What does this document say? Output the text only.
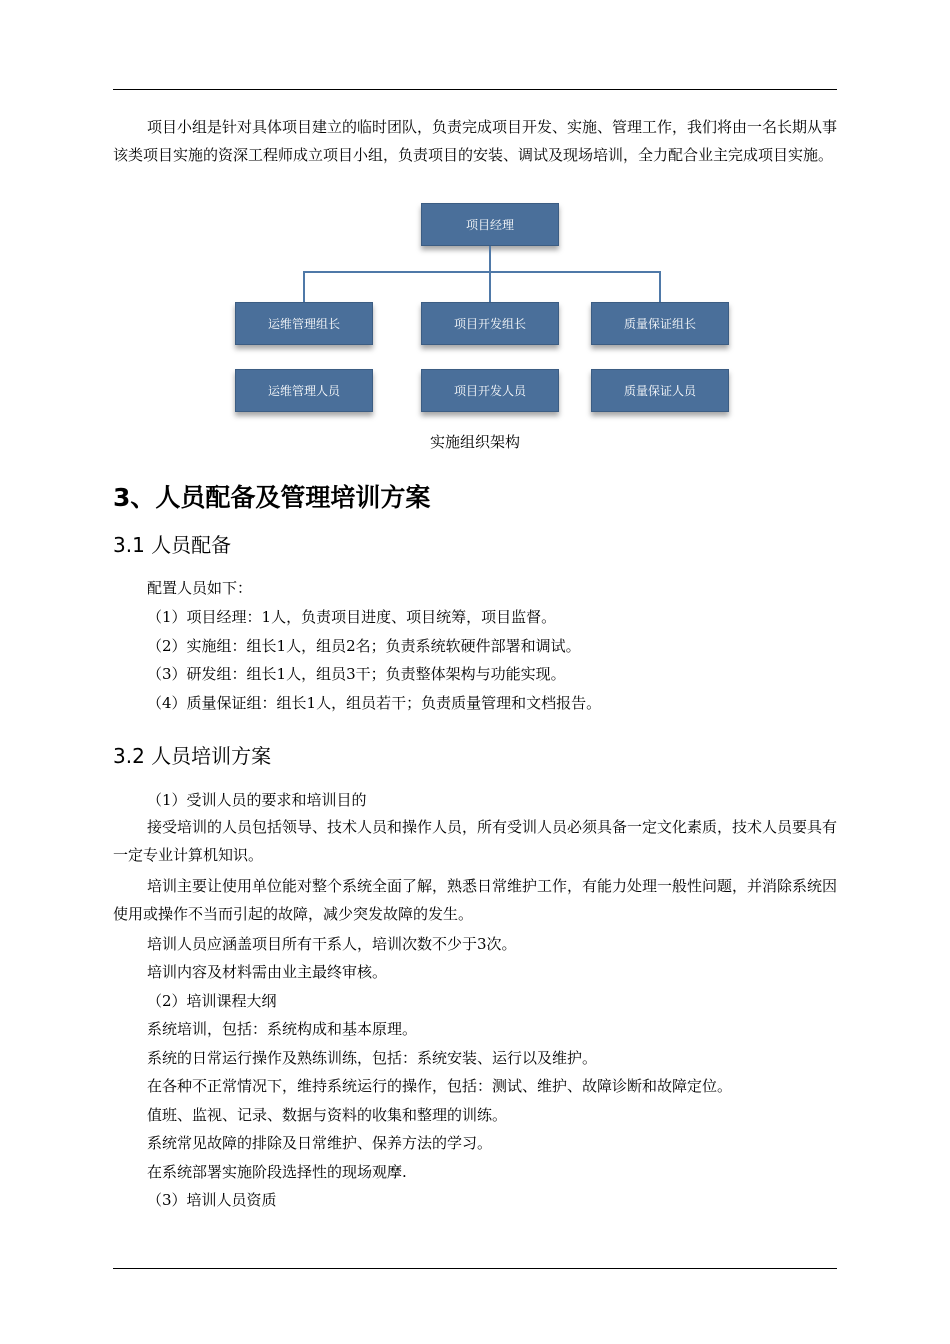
项目小组是针对具体项目建立的临时团队，负责完成项目开发、实施、管理工作，我们将由一名长期从事该类项目实施的资深工程师成立项目小组，负责项目的安装、调试及现场培训，全力配合业主完成项目实施。
项目经理
运维管理组长	项目开发组长	质量保证组长
运维管理人员	项目开发人员	质量保证人员
实施组织架构
3、人员配备及管理培训方案
3.1 人员配备
配置人员如下：
（1）项目经理：1人，负责项目进度、项目统筹，项目监督。
（2）实施组：组长1人，组员2名；负责系统软硬件部署和调试。
（3）研发组：组长1人，组员3干；负责整体架构与功能实现。
（4）质量保证组：组长1人，组员若干；负责质量管理和文档报告。
3.2 人员培训方案
（1）受训人员的要求和培训目的
接受培训的人员包括领导、技术人员和操作人员，所有受训人员必须具备一定文化素质，技术人员要具有一定专业计算机知识。
培训主要让使用单位能对整个系统全面了解，熟悉日常维护工作，有能力处理一般性问题，并消除系统因使用或操作不当而引起的故障，减少突发故障的发生。
培训人员应涵盖项目所有干系人，培训次数不少于3次。
培训内容及材料需由业主最终审核。
（2）培训课程大纲
系统培训，包括：系统构成和基本原理。
系统的日常运行操作及熟练训练，包括：系统安装、运行以及维护。
在各种不正常情况下，维持系统运行的操作，包括：测试、维护、故障诊断和故障定位。
值班、监视、记录、数据与资料的收集和整理的训练。
系统常见故障的排除及日常维护、保养方法的学习。
在系统部署实施阶段选择性的现场观摩.
（3）培训人员资质
